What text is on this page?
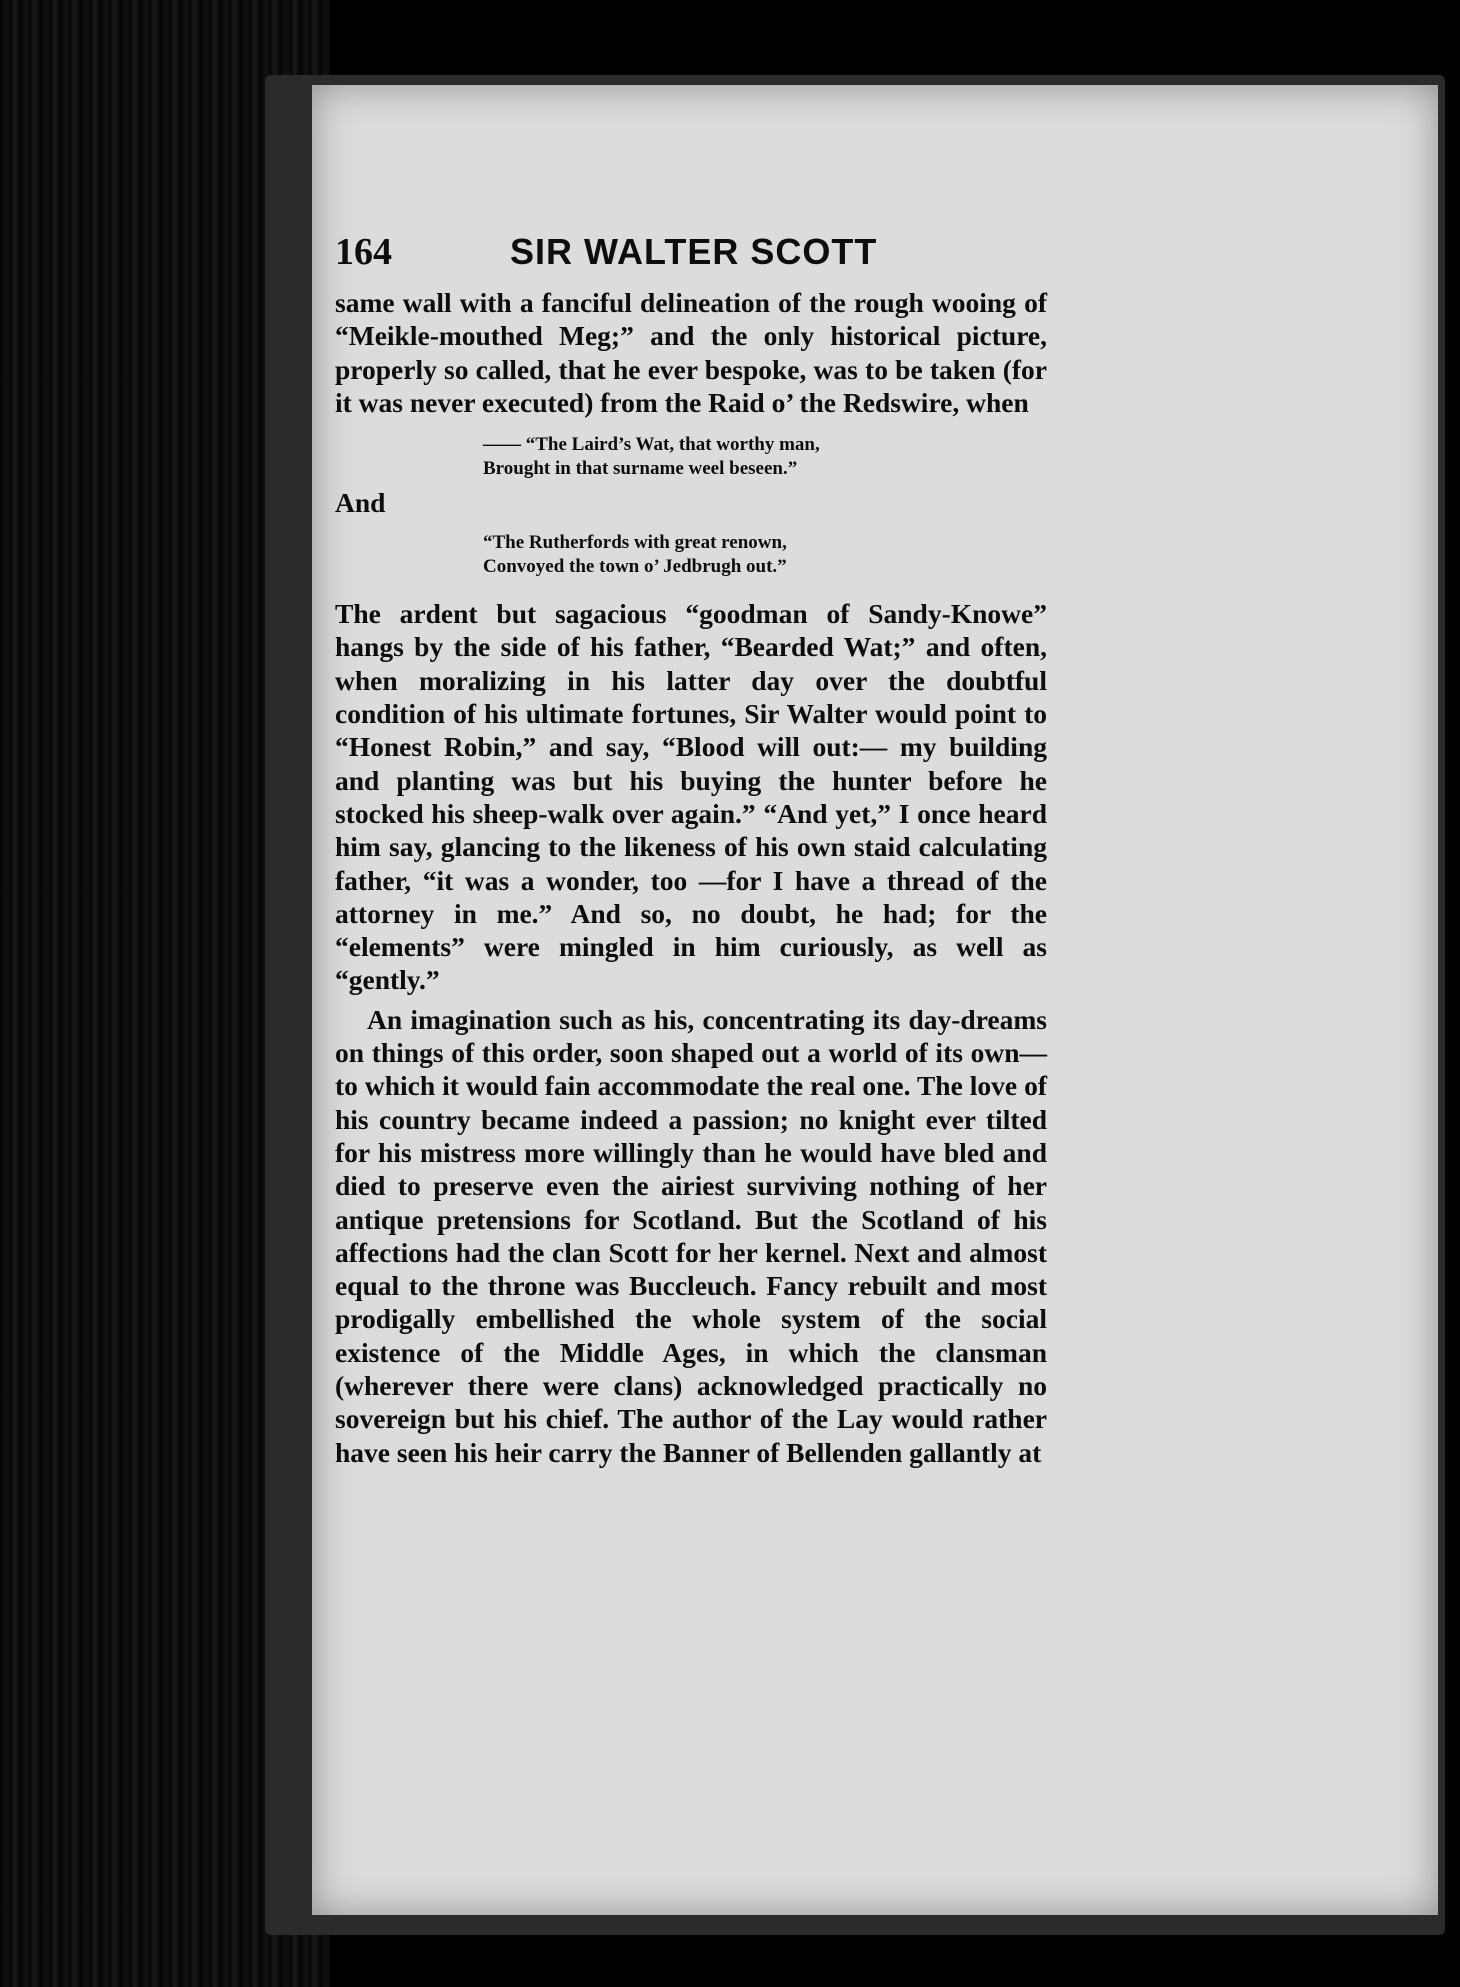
164	SIR WALTER SCOTT

same wall with a fanciful delineation of the rough wooing of “Meikle-mouthed Meg;” and the only historical picture, properly so called, that he ever bespoke, was to be taken (for it was never executed) from the Raid o’ the Redswire, when

—— “The Laird’s Wat, that worthy man,
Brought in that surname weel beseen.”
And
“The Rutherfords with great renown,
Convoyed the town o’ Jedbrugh out.”

The ardent but sagacious “goodman of Sandy-Knowe” hangs by the side of his father, “Bearded Wat;” and often, when moralizing in his latter day over the doubtful condition of his ultimate fortunes, Sir Walter would point to “Honest Robin,” and say, “Blood will out:— my building and planting was but his buying the hunter before he stocked his sheep-walk over again.” “And yet,” I once heard him say, glancing to the likeness of his own staid calculating father, “it was a wonder, too —for I have a thread of the attorney in me.” And so, no doubt, he had; for the “elements” were mingled in him curiously, as well as “gently.”

An imagination such as his, concentrating its day-dreams on things of this order, soon shaped out a world of its own—to which it would fain accommodate the real one. The love of his country became indeed a passion; no knight ever tilted for his mistress more willingly than he would have bled and died to preserve even the airiest surviving nothing of her antique pretensions for Scotland. But the Scotland of his affections had the clan Scott for her kernel. Next and almost equal to the throne was Buccleuch. Fancy rebuilt and most prodigally embellished the whole system of the social existence of the Middle Ages, in which the clansman (wherever there were clans) acknowledged practically no sovereign but his chief. The author of the Lay would rather have seen his heir carry the Banner of Bellenden gallantly at
